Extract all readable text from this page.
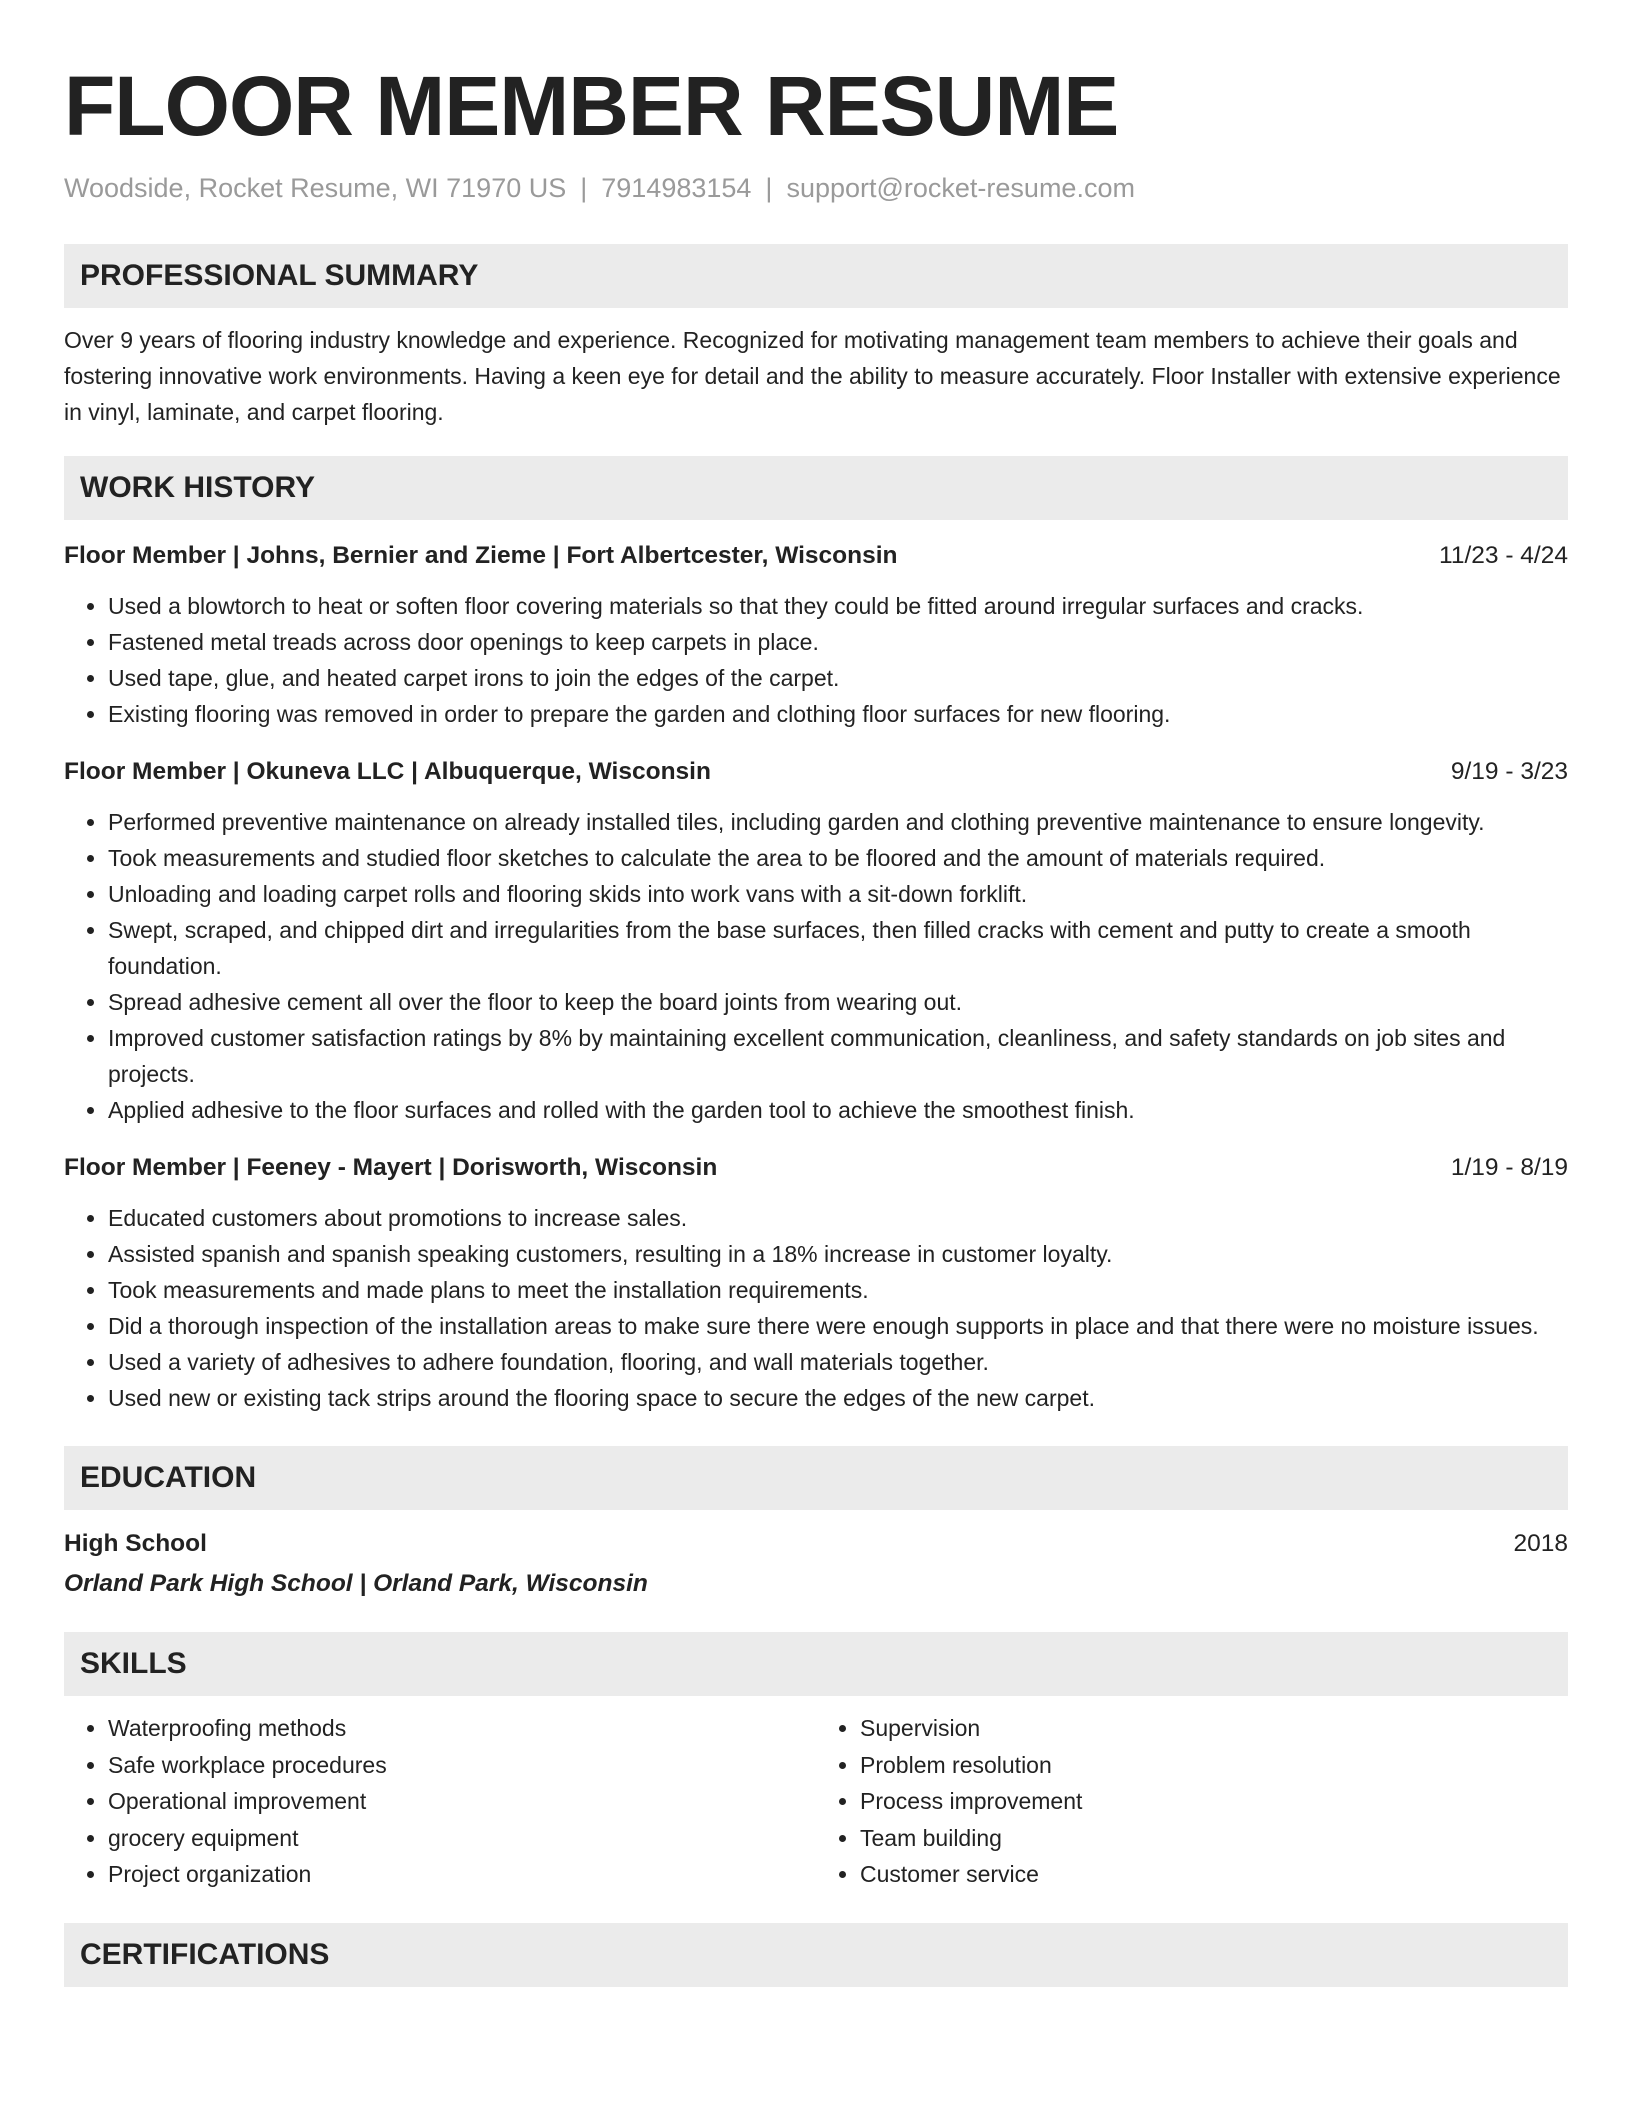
FLOOR MEMBER RESUME
Woodside, Rocket Resume, WI 71970 US | 7914983154 | support@rocket-resume.com
PROFESSIONAL SUMMARY

Over 9 years of flooring industry knowledge and experience. Recognized for motivating management team members to achieve their goals and fostering innovative work environments. Having a keen eye for detail and the ability to measure accurately. Floor Installer with extensive experience in vinyl, laminate, and carpet flooring.

WORK HISTORY
Floor Member | Johns, Bernier and Zieme | Fort Albertcester, Wisconsin	11/23 - 4/24
• Used a blowtorch to heat or soften floor covering materials so that they could be fitted around irregular surfaces and cracks.
• Fastened metal treads across door openings to keep carpets in place.
• Used tape, glue, and heated carpet irons to join the edges of the carpet.
• Existing flooring was removed in order to prepare the garden and clothing floor surfaces for new flooring.
Floor Member | Okuneva LLC | Albuquerque, Wisconsin	9/19 - 3/23
• Performed preventive maintenance on already installed tiles, including garden and clothing preventive maintenance to ensure longevity.
• Took measurements and studied floor sketches to calculate the area to be floored and the amount of materials required.
• Unloading and loading carpet rolls and flooring skids into work vans with a sit-down forklift.
• Swept, scraped, and chipped dirt and irregularities from the base surfaces, then filled cracks with cement and putty to create a smooth foundation.
• Spread adhesive cement all over the floor to keep the board joints from wearing out.
• Improved customer satisfaction ratings by 8% by maintaining excellent communication, cleanliness, and safety standards on job sites and projects.
• Applied adhesive to the floor surfaces and rolled with the garden tool to achieve the smoothest finish.
Floor Member | Feeney - Mayert | Dorisworth, Wisconsin	1/19 - 8/19
• Educated customers about promotions to increase sales.
• Assisted spanish and spanish speaking customers, resulting in a 18% increase in customer loyalty.
• Took measurements and made plans to meet the installation requirements.
• Did a thorough inspection of the installation areas to make sure there were enough supports in place and that there were no moisture issues.
• Used a variety of adhesives to adhere foundation, flooring, and wall materials together.
• Used new or existing tack strips around the flooring space to secure the edges of the new carpet.
EDUCATION
High School	2018
Orland Park High School | Orland Park, Wisconsin
SKILLS
• Waterproofing methods
• Safe workplace procedures
• Operational improvement
• grocery equipment
• Project organization
• Supervision
• Problem resolution
• Process improvement
• Team building
• Customer service
CERTIFICATIONS
